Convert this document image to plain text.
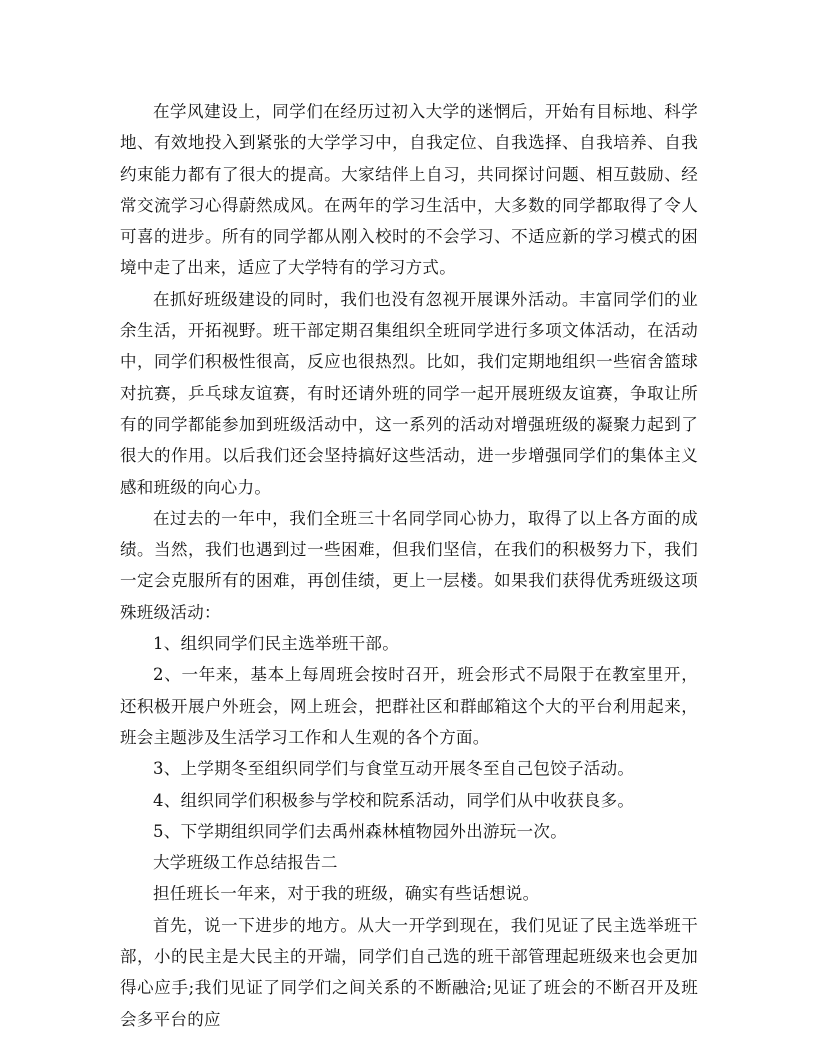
在学风建设上，同学们在经历过初入大学的迷惘后，开始有目标地、科学地、有效地投入到紧张的大学学习中，自我定位、自我选择、自我培养、自我约束能力都有了很大的提高。大家结伴上自习，共同探讨问题、相互鼓励、经常交流学习心得蔚然成风。在两年的学习生活中，大多数的同学都取得了令人可喜的进步。所有的同学都从刚入校时的不会学习、不适应新的学习模式的困境中走了出来，适应了大学特有的学习方式。

在抓好班级建设的同时，我们也没有忽视开展课外活动。丰富同学们的业余生活，开拓视野。班干部定期召集组织全班同学进行多项文体活动，在活动中，同学们积极性很高，反应也很热烈。比如，我们定期地组织一些宿舍篮球对抗赛，乒乓球友谊赛，有时还请外班的同学一起开展班级友谊赛，争取让所有的同学都能参加到班级活动中，这一系列的活动对增强班级的凝聚力起到了很大的作用。以后我们还会坚持搞好这些活动，进一步增强同学们的集体主义感和班级的向心力。

在过去的一年中，我们全班三十名同学同心协力，取得了以上各方面的成绩。当然，我们也遇到过一些困难，但我们坚信，在我们的积极努力下，我们一定会克服所有的困难，再创佳绩，更上一层楼。如果我们获得优秀班级这项殊班级活动：

1、组织同学们民主选举班干部。

2、一年来，基本上每周班会按时召开，班会形式不局限于在教室里开，还积极开展户外班会，网上班会，把群社区和群邮箱这个大的平台利用起来，班会主题涉及生活学习工作和人生观的各个方面。

3、上学期冬至组织同学们与食堂互动开展冬至自己包饺子活动。

4、组织同学们积极参与学校和院系活动，同学们从中收获良多。

5、下学期组织同学们去禹州森林植物园外出游玩一次。

大学班级工作总结报告二

担任班长一年来，对于我的班级，确实有些话想说。

首先，说一下进步的地方。从大一开学到现在，我们见证了民主选举班干部，小的民主是大民主的开端，同学们自己选的班干部管理起班级来也会更加得心应手;我们见证了同学们之间关系的不断融洽;见证了班会的不断召开及班会多平台的应
